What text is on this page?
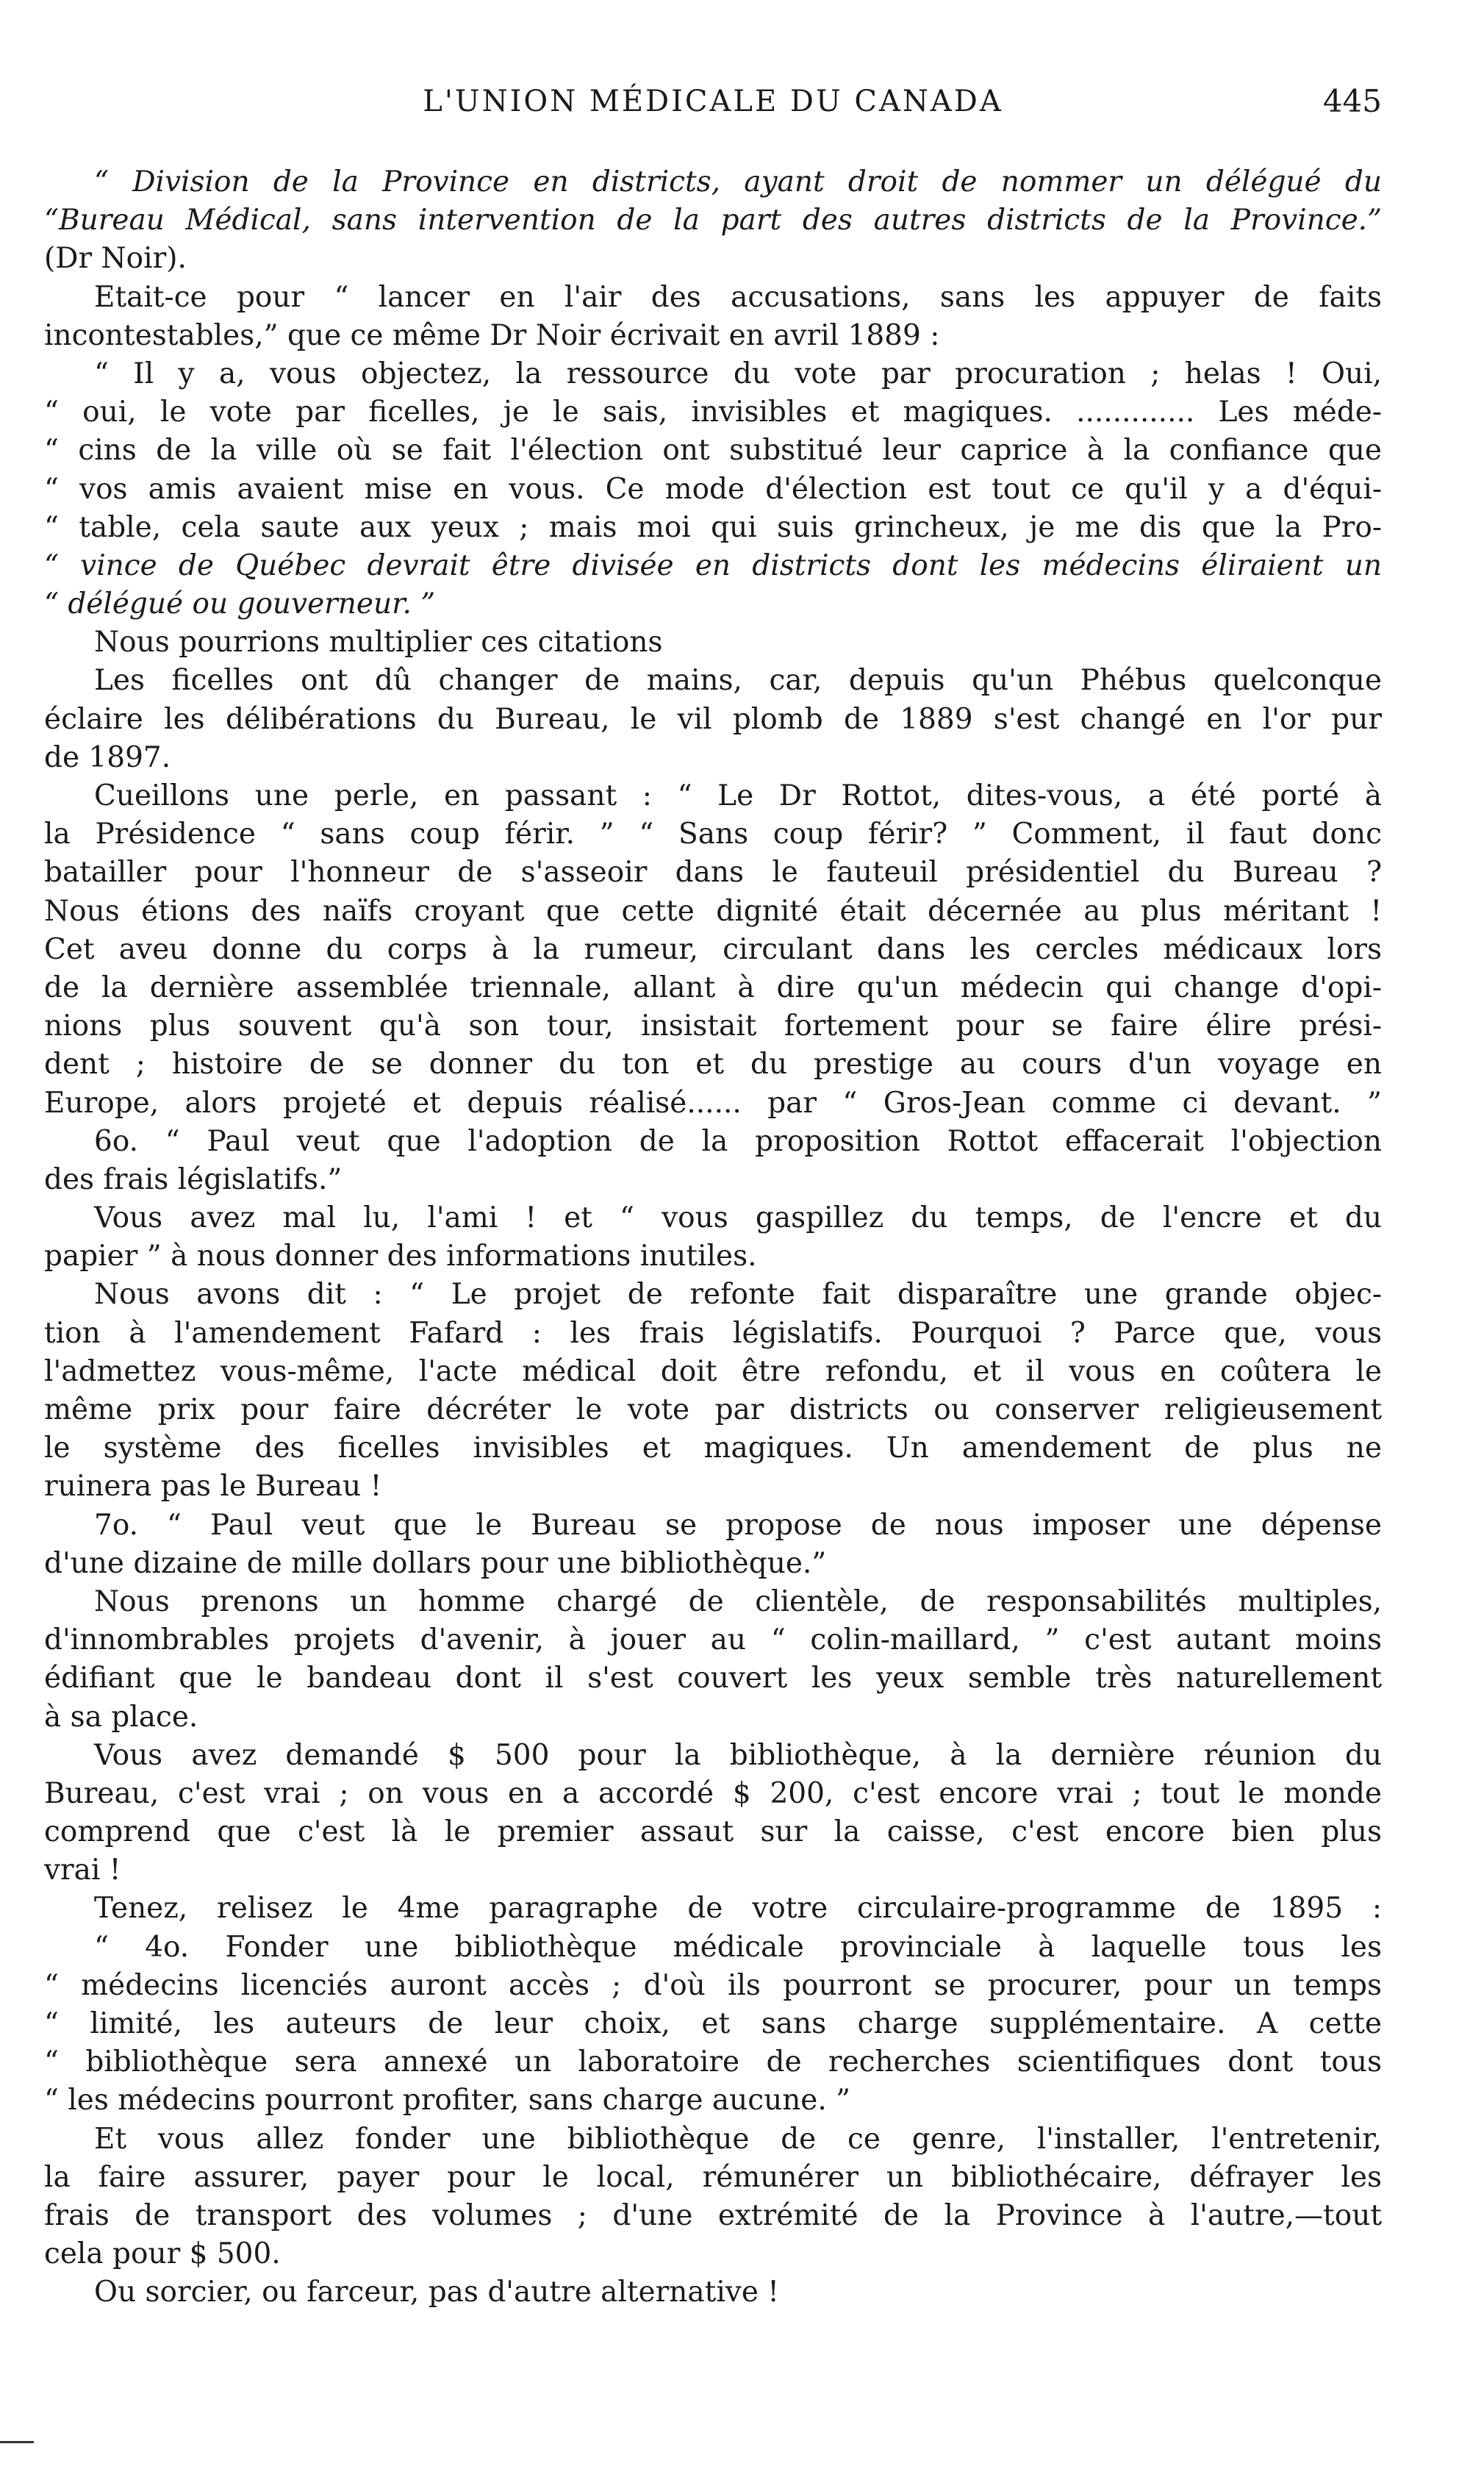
L'UNION MÉDICALE DU CANADA	445
“ Division de la Province en districts, ayant droit de nommer un délégué du
“Bureau Médical, sans intervention de la part des autres districts de la Province.”
(Dr Noir).
Etait-ce pour “ lancer en l'air des accusations, sans les appuyer de faits
incontestables,” que ce même Dr Noir écrivait en avril 1889 :
“ Il y a, vous objectez, la ressource du vote par procuration ; helas ! Oui,
“ oui, le vote par ficelles, je le sais, invisibles et magiques. ............. Les méde-
“ cins de la ville où se fait l'élection ont substitué leur caprice à la confiance que
“ vos amis avaient mise en vous. Ce mode d'élection est tout ce qu'il y a d'équi-
“ table, cela saute aux yeux ; mais moi qui suis grincheux, je me dis que la Pro-
“ vince de Québec devrait être divisée en districts dont les médecins éliraient un
“ délégué ou gouverneur. ”
Nous pourrions multiplier ces citations
Les ficelles ont dû changer de mains, car, depuis qu'un Phébus quelconque
éclaire les délibérations du Bureau, le vil plomb de 1889 s'est changé en l'or pur
de 1897.
Cueillons une perle, en passant : “ Le Dr Rottot, dites-vous, a été porté à
la Présidence “ sans coup férir. ” “ Sans coup férir? ” Comment, il faut donc
batailler pour l'honneur de s'asseoir dans le fauteuil présidentiel du Bureau ?
Nous étions des naïfs croyant que cette dignité était décernée au plus méritant !
Cet aveu donne du corps à la rumeur, circulant dans les cercles médicaux lors
de la dernière assemblée triennale, allant à dire qu'un médecin qui change d'opi-
nions plus souvent qu'à son tour, insistait fortement pour se faire élire prési-
dent ; histoire de se donner du ton et du prestige au cours d'un voyage en
Europe, alors projeté et depuis réalisé...... par “ Gros-Jean comme ci devant. ”
6o. “ Paul veut que l'adoption de la proposition Rottot effacerait l'objection
des frais législatifs.”
Vous avez mal lu, l'ami ! et “ vous gaspillez du temps, de l'encre et du
papier ” à nous donner des informations inutiles.
Nous avons dit : “ Le projet de refonte fait disparaître une grande objec-
tion à l'amendement Fafard : les frais législatifs. Pourquoi ? Parce que, vous
l'admettez vous-même, l'acte médical doit être refondu, et il vous en coûtera le
même prix pour faire décréter le vote par districts ou conserver religieusement
le système des ficelles invisibles et magiques. Un amendement de plus ne
ruinera pas le Bureau !
7o. “ Paul veut que le Bureau se propose de nous imposer une dépense
d'une dizaine de mille dollars pour une bibliothèque.”
Nous prenons un homme chargé de clientèle, de responsabilités multiples,
d'innombrables projets d'avenir, à jouer au “ colin-maillard, ” c'est autant moins
édifiant que le bandeau dont il s'est couvert les yeux semble très naturellement
à sa place.
Vous avez demandé $ 500 pour la bibliothèque, à la dernière réunion du
Bureau, c'est vrai ; on vous en a accordé $ 200, c'est encore vrai ; tout le monde
comprend que c'est là le premier assaut sur la caisse, c'est encore bien plus
vrai !
Tenez, relisez le 4me paragraphe de votre circulaire-programme de 1895 :
“ 4o. Fonder une bibliothèque médicale provinciale à laquelle tous les
“ médecins licenciés auront accès ; d'où ils pourront se procurer, pour un temps
“ limité, les auteurs de leur choix, et sans charge supplémentaire. A cette
“ bibliothèque sera annexé un laboratoire de recherches scientifiques dont tous
“ les médecins pourront profiter, sans charge aucune. ”
Et vous allez fonder une bibliothèque de ce genre, l'installer, l'entretenir,
la faire assurer, payer pour le local, rémunérer un bibliothécaire, défrayer les
frais de transport des volumes ; d'une extrémité de la Province à l'autre,—tout
cela pour $ 500.
Ou sorcier, ou farceur, pas d'autre alternative !
